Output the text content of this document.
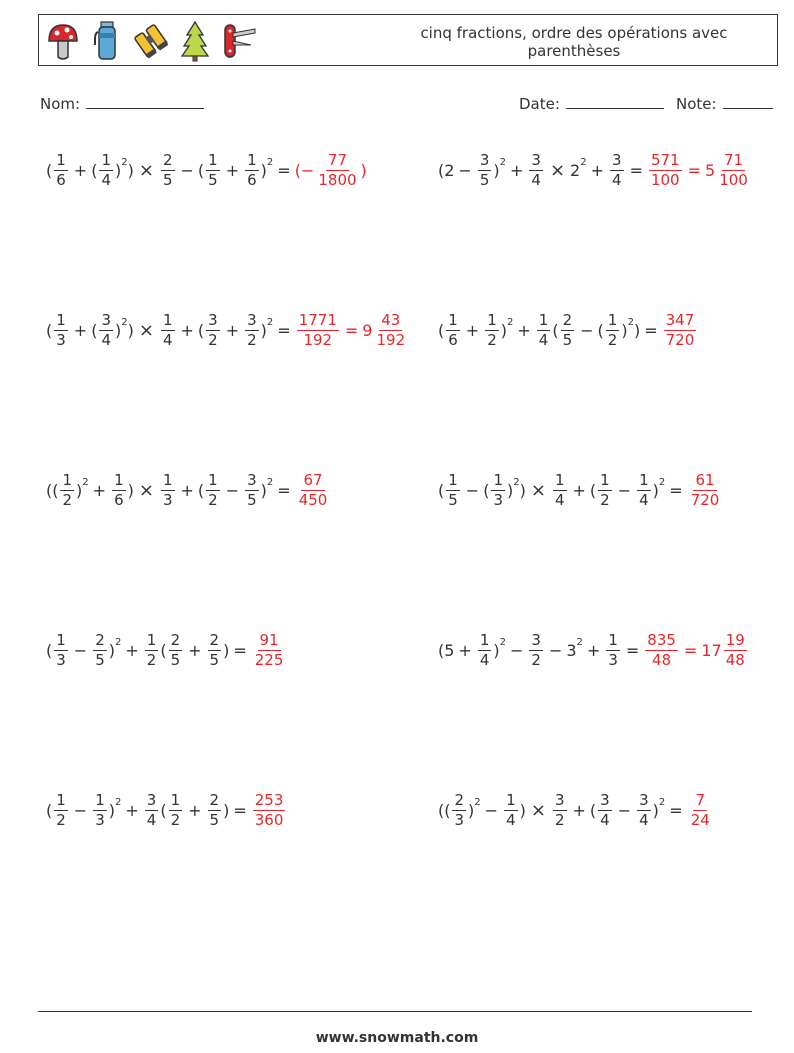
cinq fractions, ordre des opérations avec parenthèses
Nom:	Date:	Note:
( $\frac{1}{6}$ + ( $\frac{1}{4} )^2$ ) × $\frac{2}{5}$ − ( $\frac{1}{5} + \frac{1}{6} )^2$ = (− $\frac{77}{1800}$ )	$(2 - \frac{3}{5} )^2 + \frac{3}{4} \times 2^2 + \frac{3}{4} = \frac{571}{100} = 5 \frac{71}{100}$
( $\frac{1}{3}$ + ( $\frac{3}{4} )^2$ ) × $\frac{1}{4}$ + ( $\frac{3}{2} + \frac{3}{2} )^2 = \frac{1771}{192} = 9 \frac{43}{192}$ ( $\frac{1}{6} + \frac{1}{2} )^2 + \frac{1}{4}$ ( $\frac{2}{5}$ − ( $\frac{1}{2} )^2$ ) = $\frac{347}{720}$
(( $\frac{1}{2} )^2 + \frac{1}{6}$ ) × $\frac{1}{3}$ + ( $\frac{1}{2} - \frac{3}{5} )^2 = \frac{67}{450}$	( $\frac{1}{5}$ − ( $\frac{1}{3} )^2$ ) × $\frac{1}{4}$ + ( $\frac{1}{2} - \frac{1}{4} )^2 = \frac{61}{720}$
( $\frac{1}{3} - \frac{2}{5} )^2 + \frac{1}{2}$ ( $\frac{2}{5} + \frac{2}{5}$ ) = $\frac{91}{225}$	$(5 + \frac{1}{4} )^2 - \frac{3}{2} - 3^2 + \frac{1}{3} = \frac{835}{48} = 17 \frac{19}{48}$
( $\frac{1}{2} - \frac{1}{3} )^2 + \frac{3}{4}$ ( $\frac{1}{2} + \frac{2}{5}$ ) = $\frac{253}{360}$	(( $\frac{2}{3} )^2 - \frac{1}{4}$ ) × $\frac{3}{2}$ + ( $\frac{3}{4} - \frac{3}{4} )^2 = \frac{7}{24}$
www.snowmath.com
